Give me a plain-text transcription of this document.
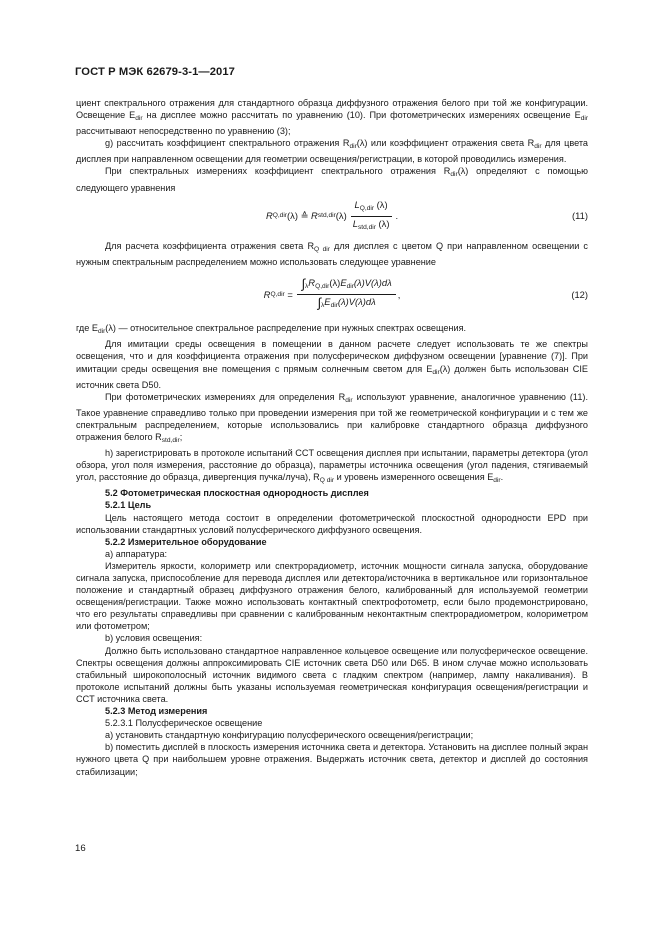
ГОСТ Р МЭК 62679-3-1—2017

циент спектрального отражения для стандартного образца диффузного отражения белого при той же конфигурации. Освещение $E_{dir}$ на дисплее можно рассчитать по уравнению (10). При фотометрических измерениях освещение $E_{dir}$ рассчитывают непосредственно по уравнению (3);

g) рассчитать коэффициент спектрального отражения $R_{dir}(\lambda)$ или коэффициент отражения света $R_{dir}$ для цвета дисплея при направленном освещении для геометрии освещения/регистрации, в которой проводились измерения.

При спектральных измерениях коэффициент спектрального отражения $R_{dir}(\lambda)$ определяют с помощью следующего уравнения

R Q,dir (λ)
≙
R std,dir $(\lambda) \frac{L_{Q,dir} (\lambda)}{L_{std,dir} (\lambda)}$ .	(11)

Для расчета коэффициента отражения света $R_{Q dir}$ для дисплея с цветом Q при направленном освещении с нужным спектральным распределением можно использовать следующее уравнение

R Q,dir
=
$\frac{\int_\lambda R_{Q,dir}(\lambda)E_{dir}(\lambda)V(\lambda)d\lambda}{\int_\lambda E_{dir}(\lambda)V(\lambda)d\lambda}$ ,	(12)

где $E_{dir}(\lambda)$ — относительное спектральное распределение при нужных спектрах освещения.

Для имитации среды освещения в помещении в данном расчете следует использовать те же спектры освещения, что и для коэффициента отражения при полусферическом диффузном освещении [уравнение (7)]. При имитации среды освещения вне помещения с прямым солнечным светом для $E_{dir}(\lambda)$ должен быть использован CIE источник света D50.

При фотометрических измерениях для определения $R_{dir}$ используют уравнение, аналогичное уравнению (11). Такое уравнение справедливо только при проведении измерения при той же геометрической конфигурации и с тем же спектральным распределением, которые использовались при калибровке стандартного образца диффузного отражения белого $R_{std,dir}$;

h) зарегистрировать в протоколе испытаний CCT освещения дисплея при испытании, параметры детектора (угол обзора, угол поля измерения, расстояние до образца), параметры источника освещения (угол падения, стягиваемый угол, расстояние до образца, дивергенция пучка/луча), $R_{Q dir}$ и уровень измеренного освещения $E_{dir}$.

5.2 Фотометрическая плоскостная однородность дисплея

5.2.1 Цель

Цель настоящего метода состоит в определении фотометрической плоскостной однородности EPD при использовании стандартных условий полусферического диффузного освещения.

5.2.2 Измерительное оборудование

а) аппаратура:

Измеритель яркости, колориметр или спектрорадиометр, источник мощности сигнала запуска, оборудование сигнала запуска, приспособление для перевода дисплея или детектора/источника в вертикальное или горизонтальное положение и стандартный образец диффузного отражения белого, калиброванный для используемой геометрии освещения/регистрации. Также можно использовать контактный спектрофотометр, если было продемонстрировано, что его результаты справедливы при сравнении с калиброванным неконтактным спектрорадиометром, колориметром или фотометром;

b) условия освещения:

Должно быть использовано стандартное направленное кольцевое освещение или полусферическое освещение. Спектры освещения должны аппроксимировать CIE источник света D50 или D65. В ином случае можно использовать стабильный широкополосный источник видимого света с гладким спектром (например, лампу накаливания). В протоколе испытаний должны быть указаны используемая геометрическая конфигурация освещения/регистрации и CCT источника света.

5.2.3 Метод измерения

5.2.3.1 Полусферическое освещение

а) установить стандартную конфигурацию полусферического освещения/регистрации;

b) поместить дисплей в плоскость измерения источника света и детектора. Установить на дисплее полный экран нужного цвета Q при наибольшем уровне отражения. Выдержать источник света, детектор и дисплей до состояния стабилизации;

16
